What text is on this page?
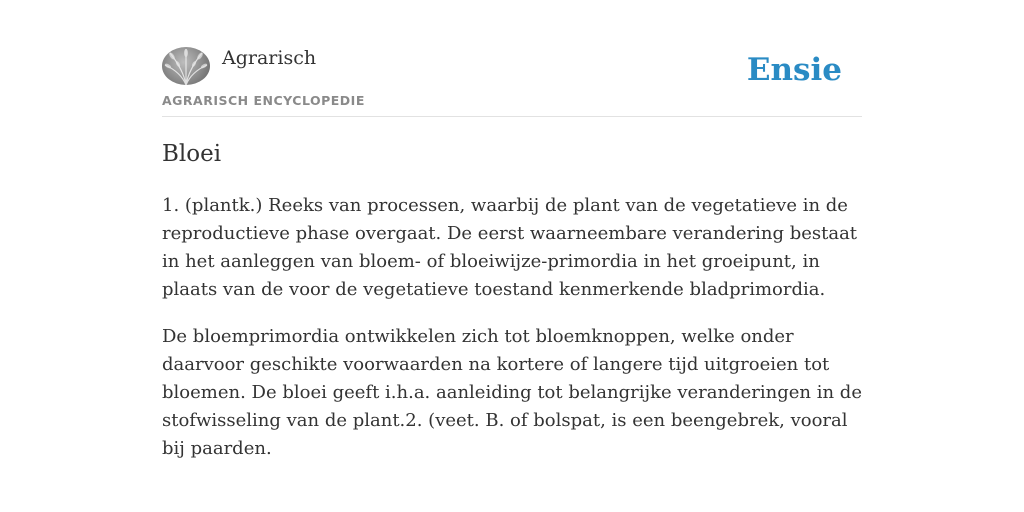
Agrarisch
AGRARISCH ENCYCLOPEDIE
Ensie
Bloei

1. (plantk.) Reeks van processen, waarbij de plant van de vegetatieve in de reproductieve phase overgaat. De eerst waarneembare verandering bestaat in het aanleggen van bloem- of bloeiwijze-primordia in het groeipunt, in plaats van de voor de vegetatieve toestand kenmerkende bladprimordia.

De bloemprimordia ontwikkelen zich tot bloemknoppen, welke onder daarvoor geschikte voorwaarden na kortere of langere tijd uitgroeien tot bloemen. De bloei geeft i.h.a. aanleiding tot belangrijke veranderingen in de stofwisseling van de plant.2. (veet. B. of bolspat, is een beengebrek, vooral bij paarden.
